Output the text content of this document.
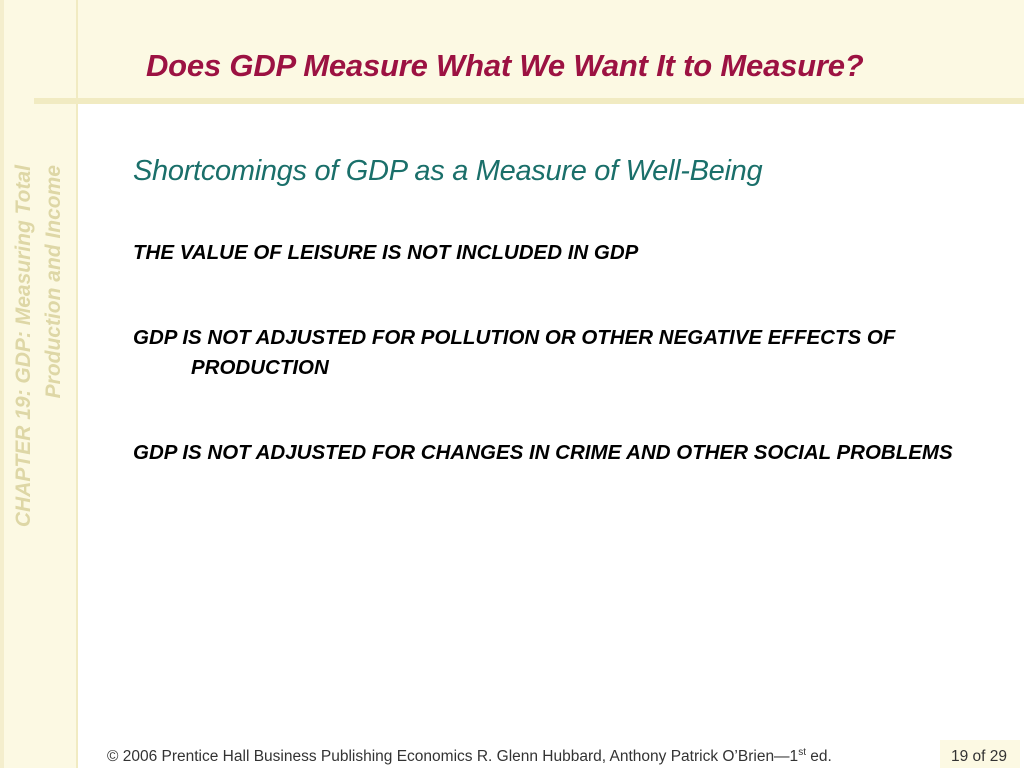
Does GDP Measure What We Want It to Measure?
CHAPTER 19: GDP: Measuring Total Production and Income Shortcomings of GDP as a Measure of Well-Being
THE VALUE OF LEISURE IS NOT INCLUDED IN GDP
GDP IS NOT ADJUSTED FOR POLLUTION OR OTHER NEGATIVE EFFECTS OF PRODUCTION
GDP IS NOT ADJUSTED FOR CHANGES IN CRIME AND OTHER SOCIAL PROBLEMS
© 2006 Prentice Hall Business Publishing Economics R. Glenn Hubbard, Anthony Patrick O’Brien—1st ed.	19 of 29
